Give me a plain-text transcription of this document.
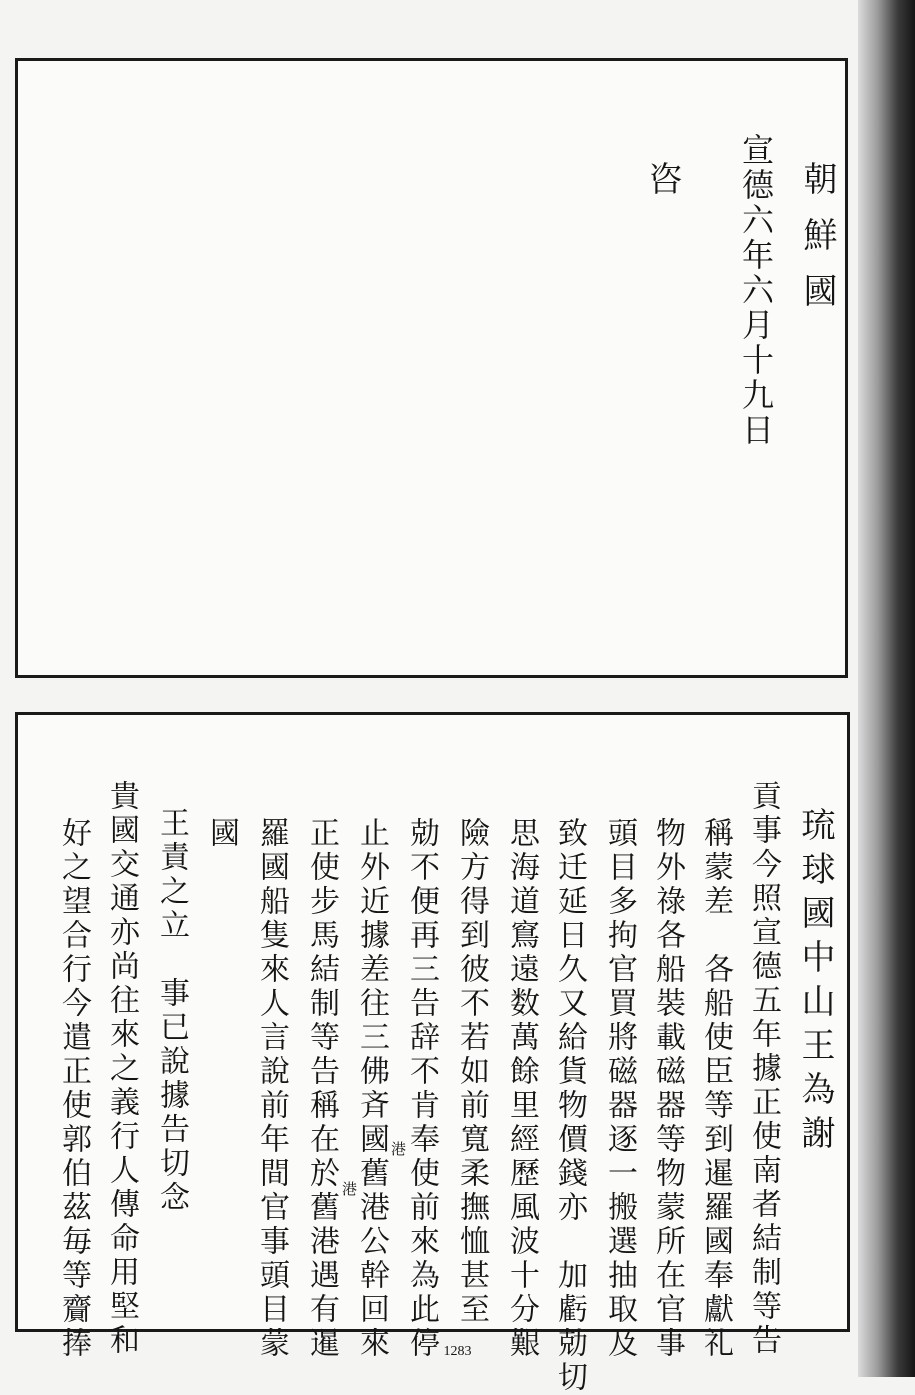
朝鮮國
宣德六年六月十九日
咨
琉球國中山王為謝
貢事今照宣德五年據正使南者結制等告
稱蒙差　各船使臣等到暹羅國奉獻礼
物外祿各船裝載磁器等物蒙所在官事
頭目多拘官買將磁器逐一搬選抽取及
致迁延日久又給貨物價錢亦　加虧勀切
思海道窵遠数萬餘里經歷風波十分艱
險方得到彼不若如前寬柔撫恤甚至
勀不便再三告辞不肯奉使前來為此停
止外近據差往三佛斉國舊港公幹回來
正使步馬結制等告稱在於舊港遇有暹
羅國船隻來人言說前年間官事頭目蒙
國
王責之立　事已說據告切念
貴國交通亦尚往來之義行人傳命用堅和
好之望合行今遣正使郭伯茲毎等齎捧	港
港
1283
